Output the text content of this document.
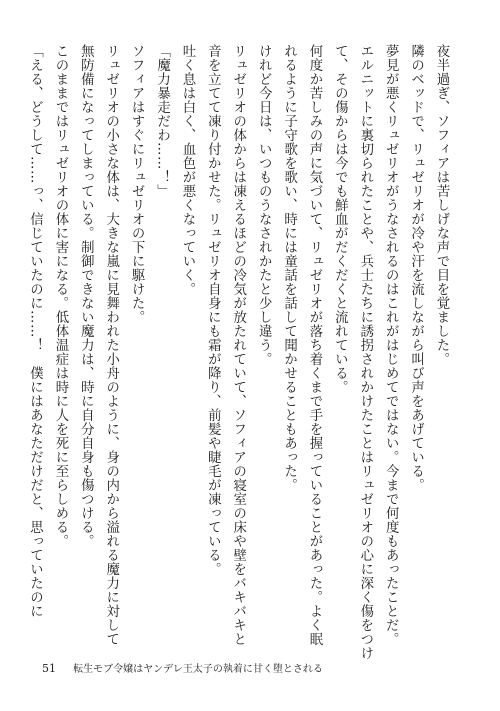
夜半過ぎ、ソフィアは苦しげな声で目を覚ました。
隣のベッドで、リュゼリオが冷や汗を流しながら叫び声をあげている。
夢見が悪くリュゼリオがうなされるのはこれがはじめてではない。今まで何度もあったことだ。
エルニットに裏切られたことや、兵士たちに誘拐されかけたことはリュゼリオの心に深く傷をつけ
て、その傷からは今でも鮮血がだくだくと流れている。
何度か苦しみの声に気づいて、リュゼリオが落ち着くまで手を握っていることがあった。よく眠
れるように子守歌を歌い、時には童話を話して聞かせることもあった。
けれど今日は、いつものうなされかたと少し違う。
リュゼリオの体からは凍えるほどの冷気が放たれていて、ソフィアの寝室の床や壁をバキバキと
音を立てて凍り付かせた。リュゼリオ自身にも霜が降り、前髪や睫毛が凍っている。
吐く息は白く、血色が悪くなっていく。
「魔力暴走だわ……！」
ソフィアはすぐにリュゼリオの下に駆けた。
リュゼリオの小さな体は、大きな嵐に見舞われた小舟のように、身の内から溢れる魔力に対して
無防備になってしまっている。制御できない魔力は、時に自分自身も傷つける。
このままではリュゼリオの体に害になる。低体温症は時に人を死に至らしめる。
「える、どうして……っ、信じていたのに……！　僕にはあなただけだと、思っていたのに
51 転生モブ令嬢はヤンデレ王太子の執着に甘く堕とされる
